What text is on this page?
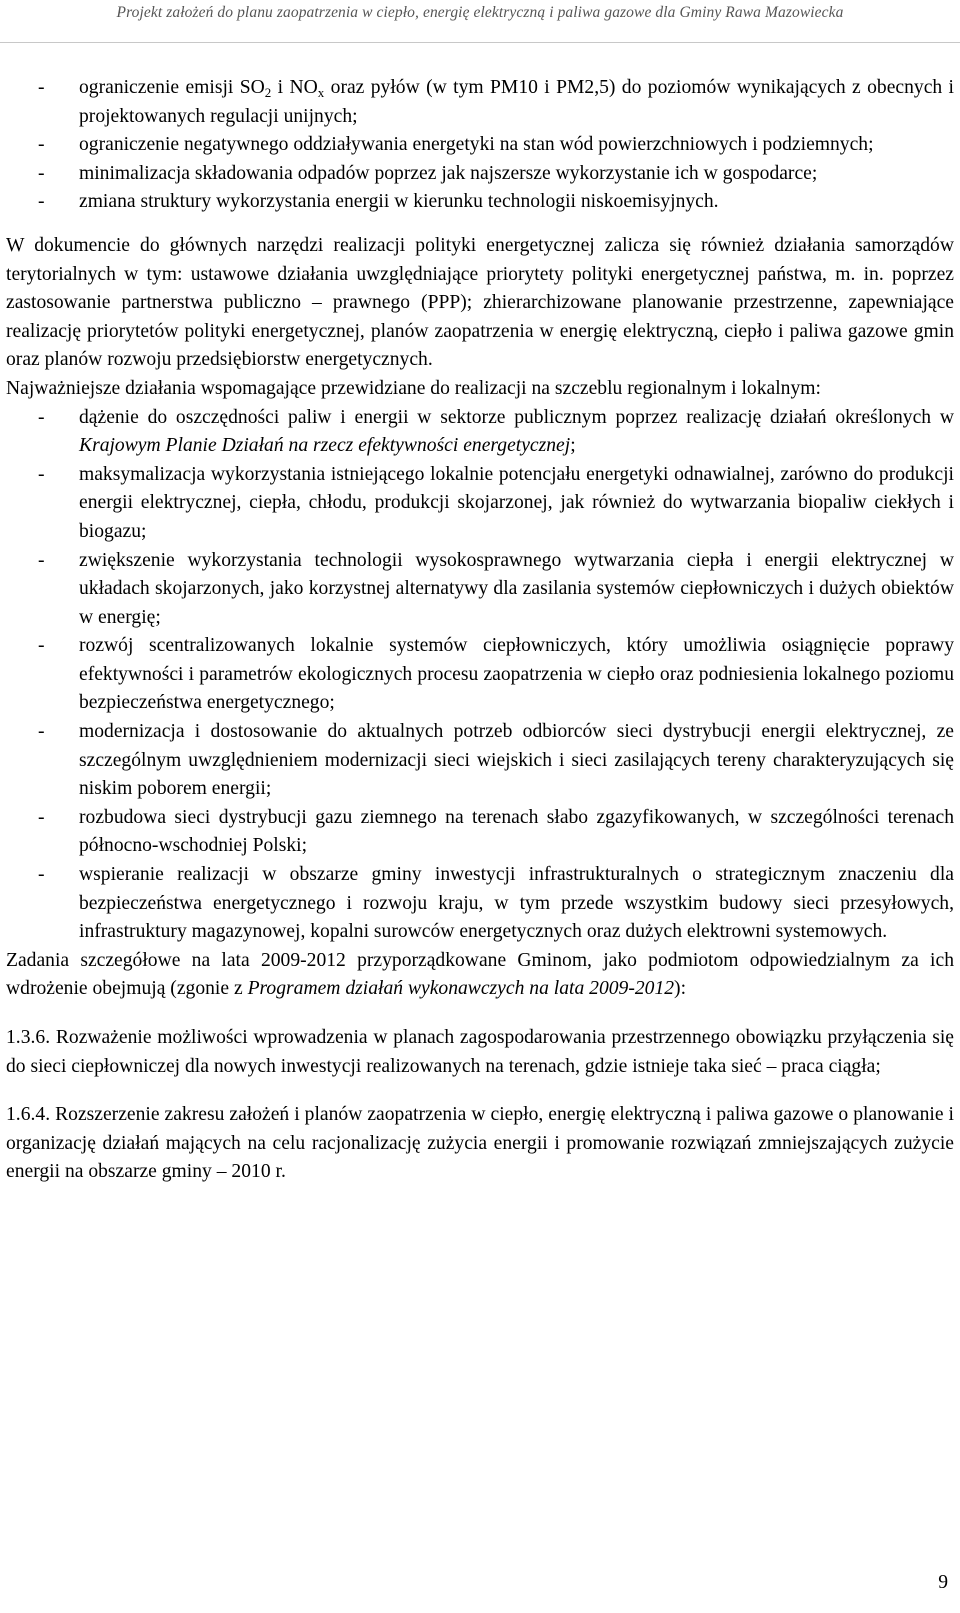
Projekt założeń do planu zaopatrzenia w ciepło, energię elektryczną i paliwa gazowe dla Gminy Rawa Mazowiecka
- ograniczenie emisji $SO_2$ i $NO_x$ oraz pyłów (w tym PM10 i PM2,5) do poziomów wynikających z obecnych i projektowanych regulacji unijnych;
- ograniczenie negatywnego oddziaływania energetyki na stan wód powierzchniowych i podziemnych;
- minimalizacja składowania odpadów poprzez jak najszersze wykorzystanie ich w gospodarce;
- zmiana struktury wykorzystania energii w kierunku technologii niskoemisyjnych.

W dokumencie do głównych narzędzi realizacji polityki energetycznej zalicza się również działania samorządów terytorialnych w tym: ustawowe działania uwzględniające priorytety polityki energetycznej państwa, m. in. poprzez zastosowanie partnerstwa publiczno – prawnego (PPP); zhierarchizowane planowanie przestrzenne, zapewniające realizację priorytetów polityki energetycznej, planów zaopatrzenia w energię elektryczną, ciepło i paliwa gazowe gmin oraz planów rozwoju przedsiębiorstw energetycznych.

Najważniejsze działania wspomagające przewidziane do realizacji na szczeblu regionalnym i lokalnym:

- dążenie do oszczędności paliw i energii w sektorze publicznym poprzez realizację działań określonych w Krajowym Planie Działań na rzecz efektywności energetycznej;
- maksymalizacja wykorzystania istniejącego lokalnie potencjału energetyki odnawialnej, zarówno do produkcji energii elektrycznej, ciepła, chłodu, produkcji skojarzonej, jak również do wytwarzania biopaliw ciekłych i biogazu;
- zwiększenie wykorzystania technologii wysokosprawnego wytwarzania ciepła i energii elektrycznej w układach skojarzonych, jako korzystnej alternatywy dla zasilania systemów ciepłowniczych i dużych obiektów w energię;
- rozwój scentralizowanych lokalnie systemów ciepłowniczych, który umożliwia osiągnięcie poprawy efektywności i parametrów ekologicznych procesu zaopatrzenia w ciepło oraz podniesienia lokalnego poziomu bezpieczeństwa energetycznego;
- modernizacja i dostosowanie do aktualnych potrzeb odbiorców sieci dystrybucji energii elektrycznej, ze szczególnym uwzględnieniem modernizacji sieci wiejskich i sieci zasilających tereny charakteryzujących się niskim poborem energii;
- rozbudowa sieci dystrybucji gazu ziemnego na terenach słabo zgazyfikowanych, w szczególności terenach północno-wschodniej Polski;
- wspieranie realizacji w obszarze gminy inwestycji infrastrukturalnych o strategicznym znaczeniu dla bezpieczeństwa energetycznego i rozwoju kraju, w tym przede wszystkim budowy sieci przesyłowych, infrastruktury magazynowej, kopalni surowców energetycznych oraz dużych elektrowni systemowych.

Zadania szczegółowe na lata 2009-2012 przyporządkowane Gminom, jako podmiotom odpowiedzialnym za ich wdrożenie obejmują (zgonie z Programem działań wykonawczych na lata 2009-2012):

1.3.6. Rozważenie możliwości wprowadzenia w planach zagospodarowania przestrzennego obowiązku przyłączenia się do sieci ciepłowniczej dla nowych inwestycji realizowanych na terenach, gdzie istnieje taka sieć – praca ciągła;

1.6.4. Rozszerzenie zakresu założeń i planów zaopatrzenia w ciepło, energię elektryczną i paliwa gazowe o planowanie i organizację działań mających na celu racjonalizację zużycia energii i promowanie rozwiązań zmniejszających zużycie energii na obszarze gminy – 2010 r.

9
